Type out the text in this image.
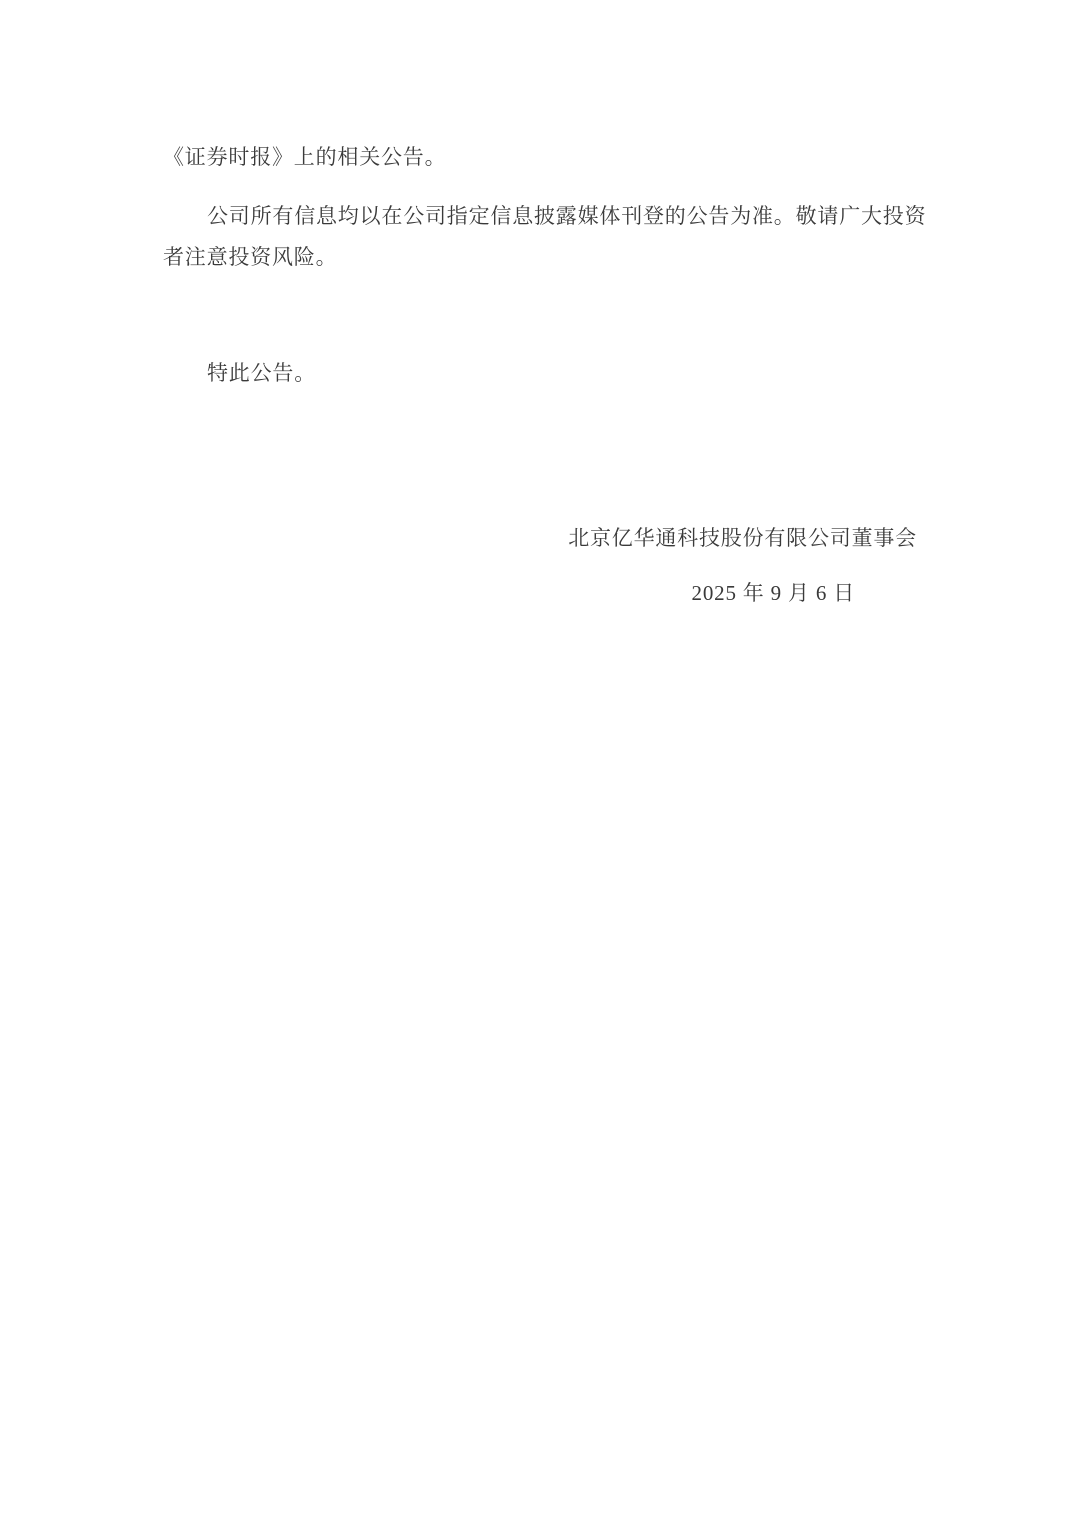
《证券时报》上的相关公告。

公司所有信息均以在公司指定信息披露媒体刊登的公告为准。敬请广大投资

者注意投资风险。

特此公告。

北京亿华通科技股份有限公司董事会

2025 年 9 月 6 日
